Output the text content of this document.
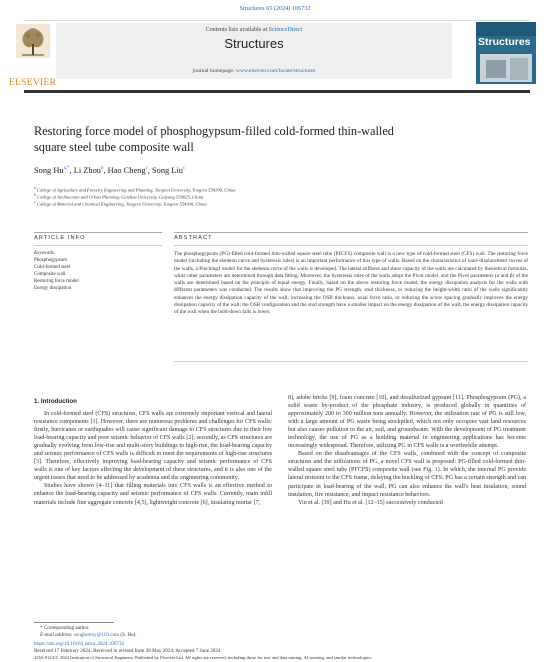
Structures 65 (2024) 106732
ELSEVIER
Contents lists available at ScienceDirect
Structures
journal homepage: www.elsevier.com/locate/structures
Structures
Restoring force model of phosphogypsum-filled cold-formed thin-walled
square steel tube composite wall
Song $Hu^{a,*}$, Li Zhou$^b$, Hao Cheng$^c$, Song Liu$^c$
$^a$ College of Agriculture and Forestry Engineering and Planning, Tongren University, Tongren 554300, China
$^b$ College of Architecture and Urban Planning, Guizhou University, Guiyang 550025, China
$^c$ College of Material and Chemical Engineering, Tongren University, Tongren 554300, China
ARTICLE INFO	ABSTRACT
Keywords:
Phosphogypsum
Cold-formed steel
Composite wall
Restoring force model
Energy dissipation
The phosphogypsum (PG)-filled cold-formed thin-walled square steel tube (PFCFS) composite wall is a new type of cold-formed steel (CFS) wall. The restoring force model (including the skeleton curve and hysteresis rules) is an important performance of this type of walls. Based on the characteristics of load–displacement curves of the walls, a Pinching4 model for the skeleton curve of the walls is developed. The lateral stiffness and shear capacity of the walls are calculated by theoretical formulas, while other parameters are determined through data fitting. Moreover, the hysteresis rules of the walls adopt the Pivot model, and the Pivot parameters (α and β) of the walls are determined based on the principle of equal energy. Finally, based on the above restoring force model, the energy dissipation analysis for the walls with different parameters was conducted. The results show that improving the PG strength, stud thickness, or reducing the height-width ratio of the walls significantly enhances the energy dissipation capacity of the wall; increasing the OSB thickness, axial force ratio, or reducing the screw spacing gradually improves the energy dissipation capacity of the wall; the OSB configuration and the stud strength have a smaller impact on the energy dissipation of the wall; the energy dissipation capacity of the wall when the hold-down fails is lower.
1. Introduction

In cold-formed steel (CFS) structures, CFS walls are extremely important vertical and lateral resistance components [1]. However, there are numerous problems and challenges for CFS walls: firstly, hurricanes or earthquakes will cause significant damage to CFS structures due to their low load-bearing capacity and poor seismic behavior of CFS walls [2]; secondly, as CFS structures are gradually evolving from low-rise and multi-story buildings to high-rise, the load-bearing capacity and seismic performance of CFS walls is difficult to meet the requirements of high-rise structures [3]. Therefore, effectively improving load-bearing capacity and seismic performance of CFS walls is one of key factors affecting the development of these structures, and it is also one of the urgent issues that need to be addressed by academia and the engineering community.

Studies have shown [4–11] that filling materials into CFS walls is an effective method to enhance the load-bearing capacity and seismic performance of CFS walls. Currently, main infill materials include fine aggregate concrete [4,5], lightweight concrete [6], insulating mortar [7,

8], adobe bricks [9], foam concrete [10], and desulfurized gypsum [11]. Phosphogypsum (PG), a solid waste by-product of the phosphate industry, is produced globally in quantities of approximately 200 to 300 million tons annually. However, the utilization rate of PG is still low, with a large amount of PG waste being stockpiled, which not only occupies vast land resources but also causes pollution to the air, soil, and groundwater. With the development of PG treatment technology, the use of PG as a building material in engineering applications has become increasingly widespread. Therefore, utilizing PG in CFS walls is a worthwhile attempt.

Based on the disadvantages of the CFS walls, combined with the concept of composite structures and the utilizations of PG, a novel CFS wall is proposed: PG-filled cold-formed thin-walled square steel tube (PFCFS) composite wall (see Fig. 1). In which, the internal PG provide lateral restraint to the CFS frame, delaying the buckling of CFS; PG has a certain strength and can participate in load-bearing of the wall; PG can also enhance the wall's heat insulation, sound insulation, fire resistance, and impact resistance behaviors.

Yin et al. [39] and Hu et al. [12–15] successively conducted

* Corresponding author.
E-mail address: songhutrxy@163.com (S. Hu).
https://doi.org/10.1016/j.istruc.2024.106732
Received 17 February 2024; Received in revised form 28 May 2024; Accepted 7 June 2024
2352-0124/© 2024 Institution of Structural Engineers. Published by Elsevier Ltd. All rights are reserved, including those for text and data mining, AI training, and similar technologies.
